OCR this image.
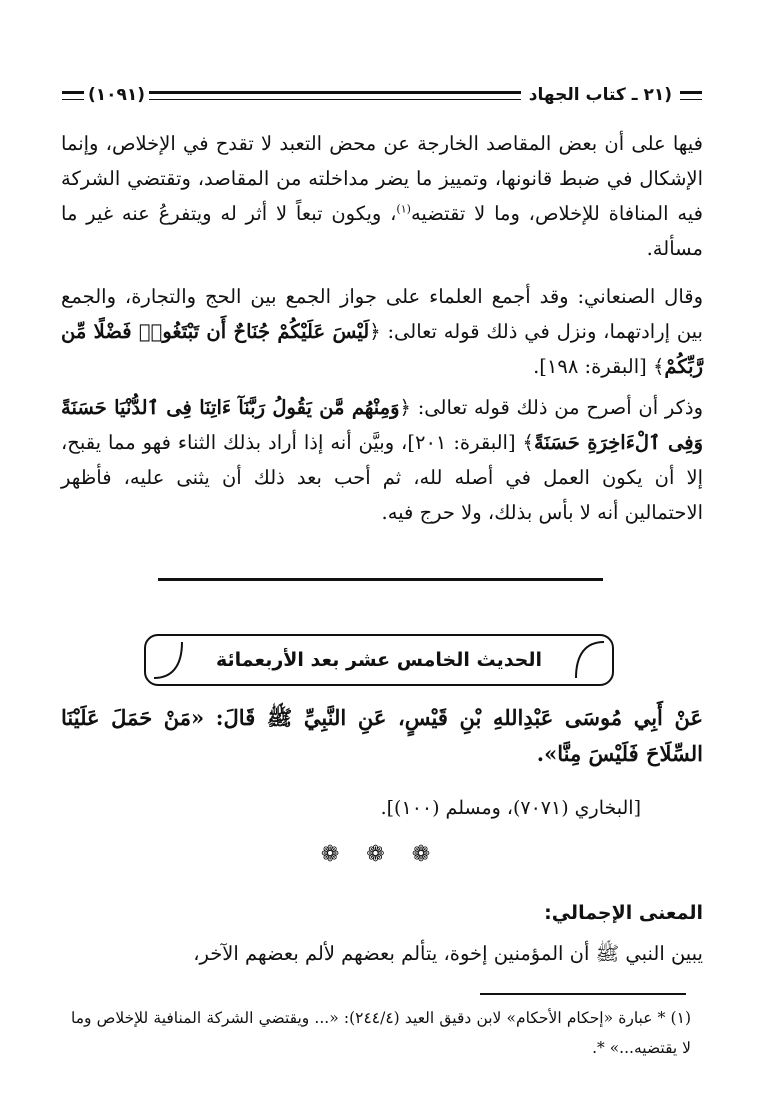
(١٠٩١)	٢١ ـ كتاب الجهاد)
فيها على أن بعض المقاصد الخارجة عن محض التعبد لا تقدح في الإخلاص، وإنما الإشكال في ضبط قانونها، وتمييز ما يضر مداخلته من المقاصد، وتقتضي الشركة فيه المنافاة للإخلاص، وما لا تقتضيه$^{(١)}$، ويكون تبعاً لا أثر له ويتفرعُ عنه غير ما مسألة.
وقال الصنعاني: وقد أجمع العلماء على جواز الجمع بين الحج والتجارة، والجمع بين إرادتهما، ونزل في ذلك قوله تعالى: ﴿لَيْسَ عَلَيْكُمْ جُنَاحٌ أَن تَبْتَغُوا۟ فَضْلًا مِّن رَّبِّكُمْ﴾ [البقرة: ١٩٨].
وذكر أن أصرح من ذلك قوله تعالى: ﴿وَمِنْهُم مَّن يَقُولُ رَبَّنَآ ءَاتِنَا فِى ٱلدُّنْيَا حَسَنَةً وَفِى ٱلْءَاخِرَةِ حَسَنَةً﴾ [البقرة: ٢٠١]، وبيَّن أنه إذا أراد بذلك الثناء فهو مما يقبح، إلا أن يكون العمل في أصله لله، ثم أحب بعد ذلك أن يثنى عليه، فأظهر الاحتمالين أنه لا بأس بذلك، ولا حرج فيه.
الحديث الخامس عشر بعد الأربعمائة
عَنْ أَبِي مُوسَى عَبْدِاللهِ بْنِ قَيْسٍ، عَنِ النَّبِيِّ ﷺ قَالَ: «مَنْ حَمَلَ عَلَيْنَا السِّلَاحَ فَلَيْسَ مِنَّا».
[البخاري (٧٠٧١)، ومسلم (١٠٠)].
❁ ❁ ❁
المعنى الإجمالي:
يبين النبي ﷺ أن المؤمنين إخوة، يتألم بعضهم لألم بعضهم الآخر،
(١) * عبارة «إحكام الأحكام» لابن دقيق العيد (٢٤٤/٤): «... ويقتضي الشركة المنافية للإخلاص وما لا يقتضيه...» *.
